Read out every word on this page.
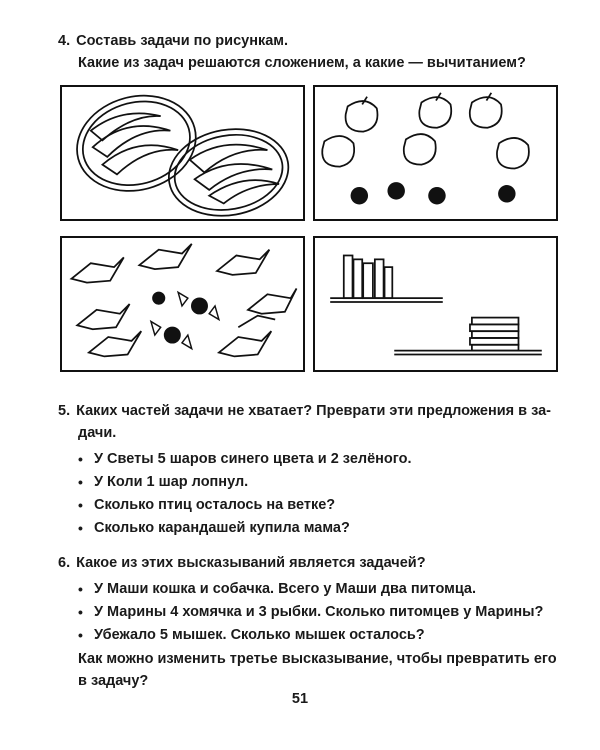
4. Составь задачи по рисункам.
Какие из задач решаются сложением, а какие — вычитанием?
5. Каких частей задачи не хватает? Преврати эти предложения в за-
дачи.
• У Светы 5 шаров синего цвета и 2 зелёного.
• У Коли 1 шар лопнул.
• Сколько птиц осталось на ветке?
• Сколько карандашей купила мама?
6. Какое из этих высказываний является задачей?
• У Маши кошка и собачка. Всего у Маши два питомца.
• У Марины 4 хомячка и 3 рыбки. Сколько питомцев у Марины?
• Убежало 5 мышек. Сколько мышек осталось?
Как можно изменить третье высказывание, чтобы превратить его
в задачу?
51
